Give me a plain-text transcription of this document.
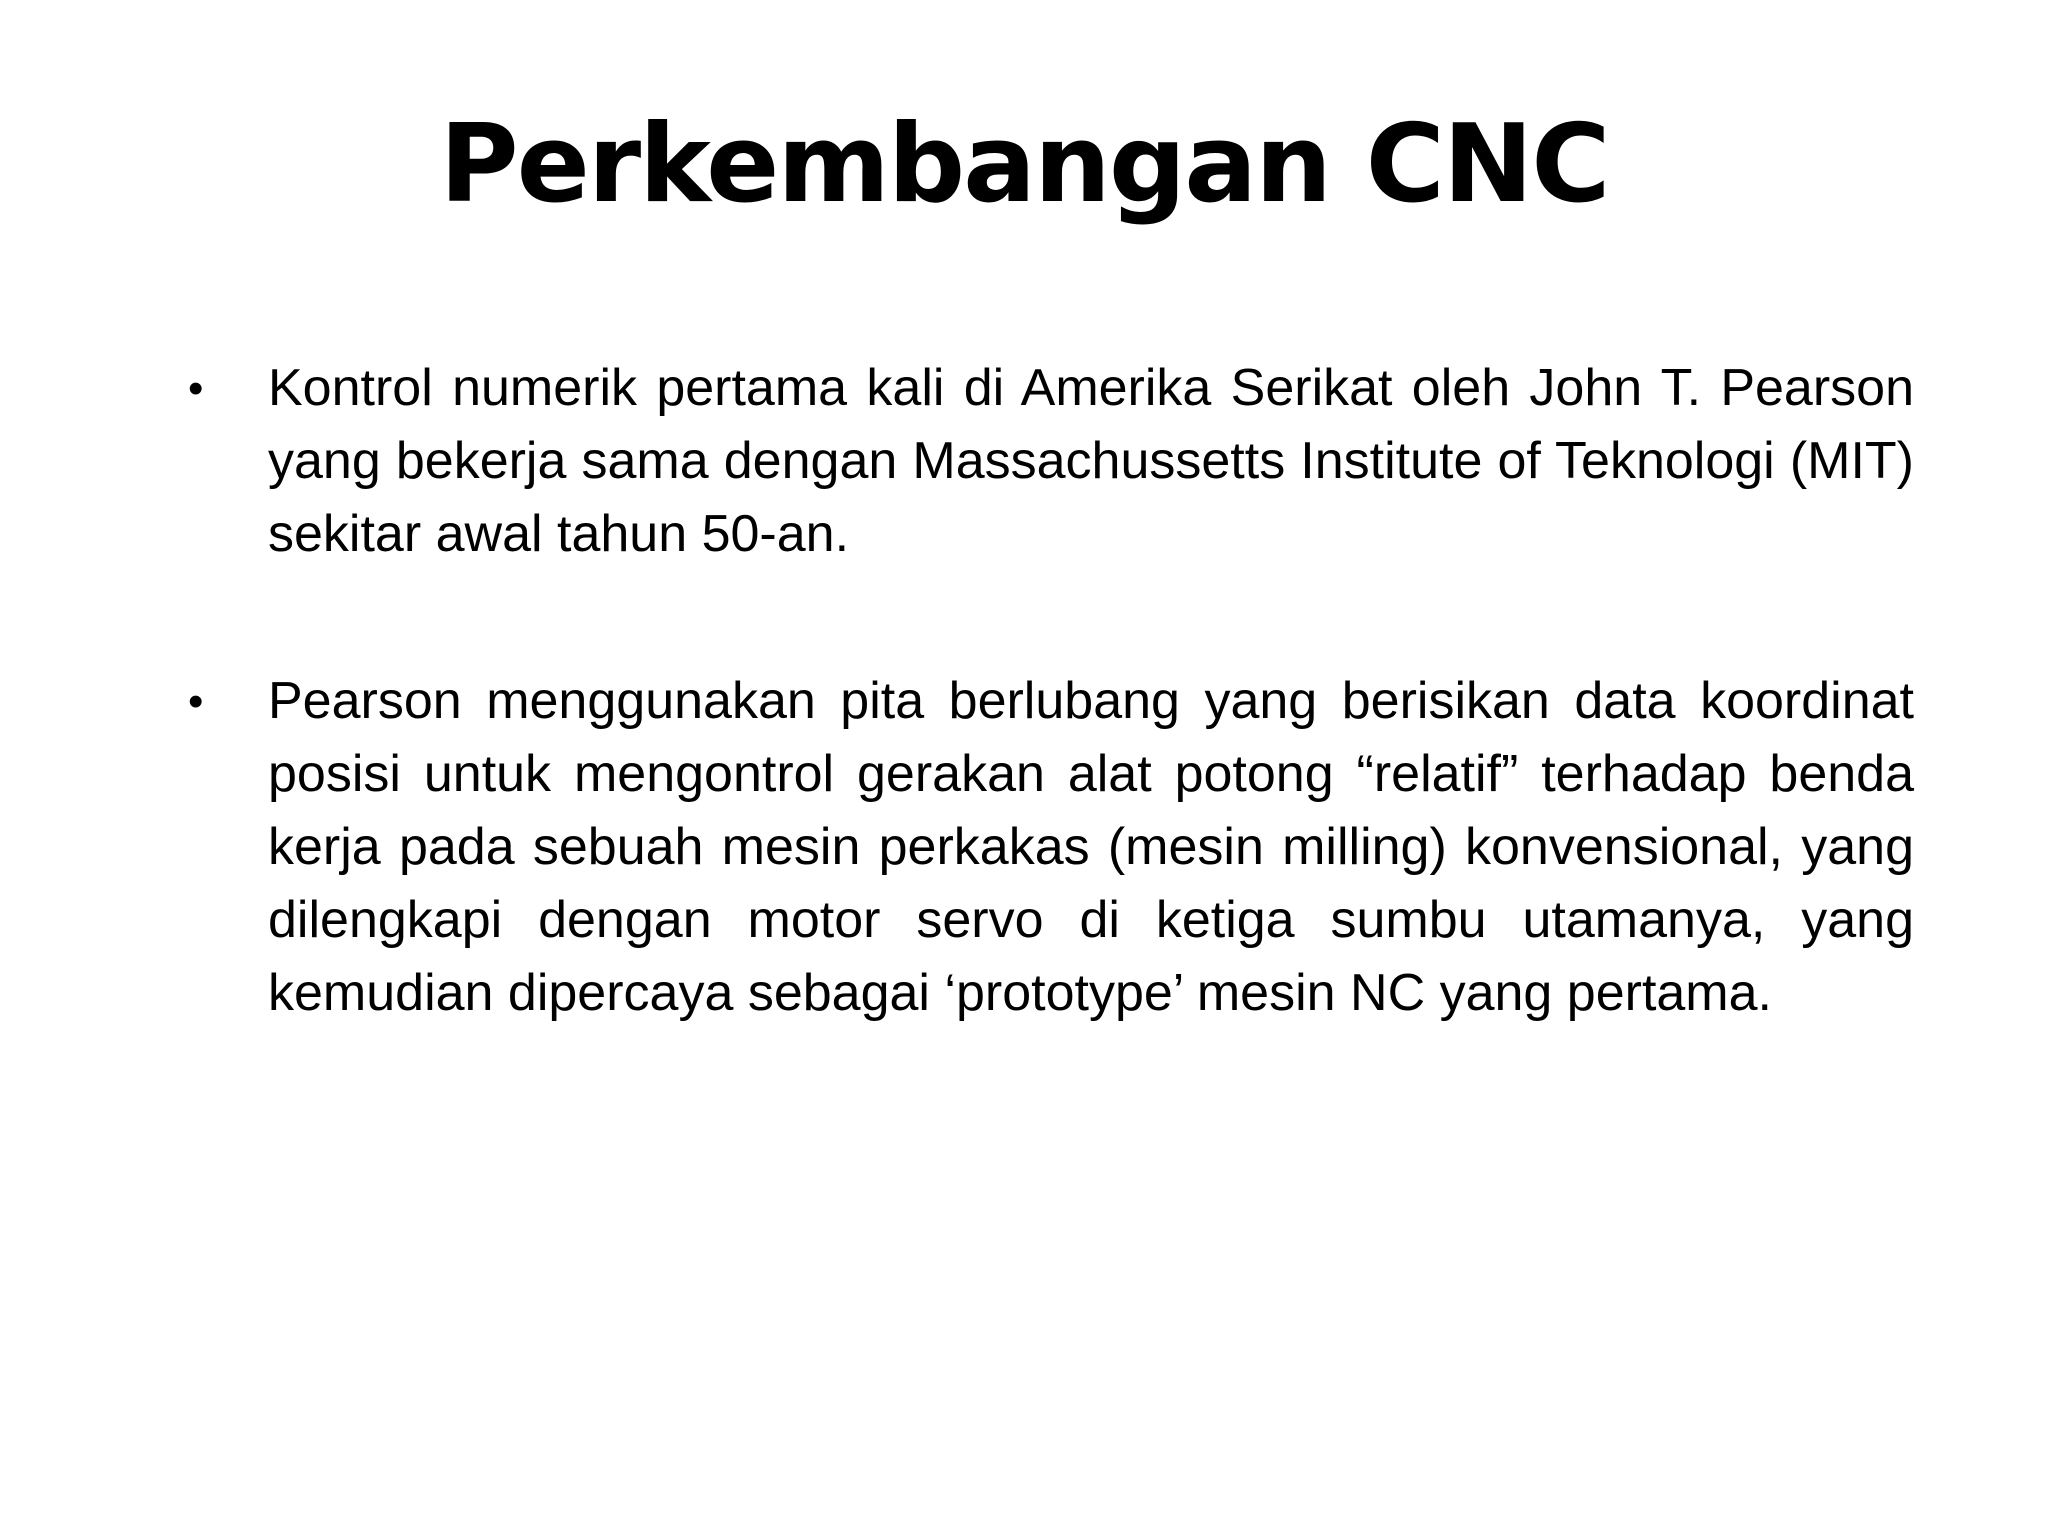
Perkembangan CNC
•	Kontrol numerik pertama kali di Amerika Serikat oleh John T. Pearson yang bekerja sama dengan Massachussetts Institute of Teknologi (MIT) sekitar awal tahun 50-an.
•	Pearson menggunakan pita berlubang yang berisikan data koordinat posisi untuk mengontrol gerakan alat potong “relatif” terhadap benda kerja pada sebuah mesin perkakas (mesin milling) konvensional, yang dilengkapi dengan motor servo di ketiga sumbu utamanya, yang kemudian dipercaya sebagai ‘prototype’ mesin NC yang pertama.
